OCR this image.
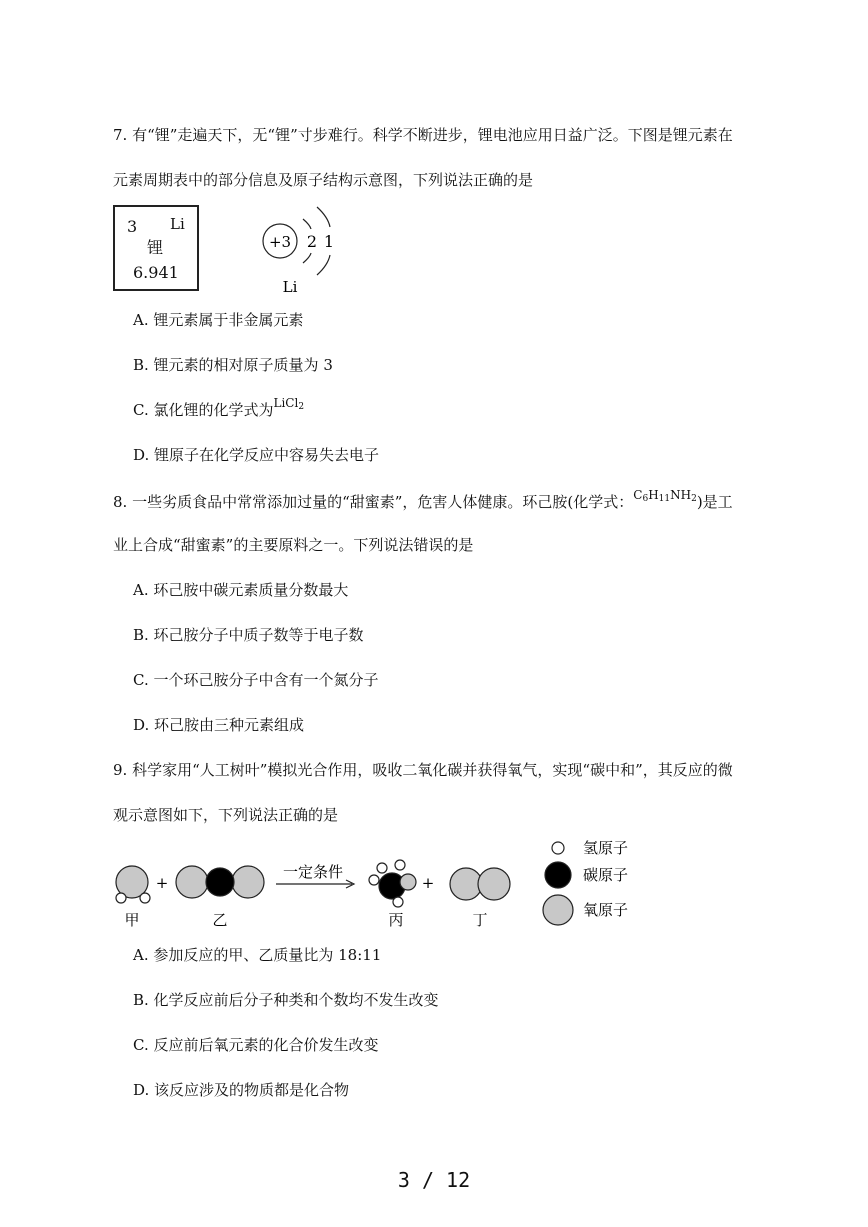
7. 有“锂”走遍天下，无“锂”寸步难行。科学不断进步，锂电池应用日益广泛。下图是锂元素在
元素周期表中的部分信息及原子结构示意图，下列说法正确的是
3 Li
锂
6.941
+3 2 1
Li
A. 锂元素属于非金属元素
B. 锂元素的相对原子质量为 3
C. 氯化锂的化学式为$^{LiCl_2}$
D. 锂原子在化学反应中容易失去电子
8. 一些劣质食品中常常添加过量的“甜蜜素”，危害人体健康。环己胺(化学式：$^{C_6H_{11}NH_2}$)是工
业上合成“甜蜜素”的主要原料之一。下列说法错误的是
A. 环己胺中碳元素质量分数最大
B. 环己胺分子中质子数等于电子数
C. 一个环己胺分子中含有一个氮分子
D. 环己胺由三种元素组成
9. 科学家用“人工树叶”模拟光合作用，吸收二氧化碳并获得氧气，实现“碳中和”，其反应的微
观示意图如下，下列说法正确的是
甲
+
乙
一定条件
丙
+
丁
氢原子
碳原子
氧原子
A. 参加反应的甲、乙质量比为 18:11
B. 化学反应前后分子种类和个数均不发生改变
C. 反应前后氧元素的化合价发生改变
D. 该反应涉及的物质都是化合物
3 / 12
